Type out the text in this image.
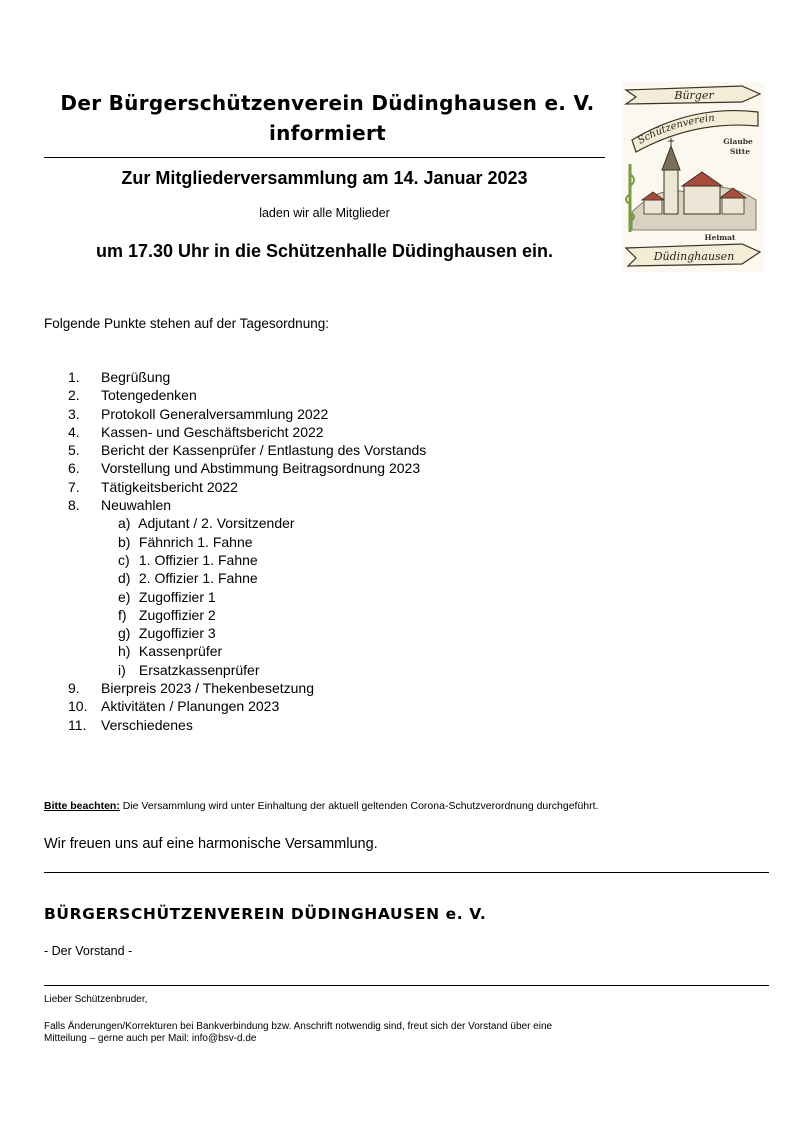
Der Bürgerschützenverein Düdinghausen e. V.
informiert
Zur Mitgliederversammlung am 14. Januar 2023
laden wir alle Mitglieder
um 17.30 Uhr in die Schützenhalle Düdinghausen ein.
Bürger
Schützenverein
Glaube
Sitte
Heimat
Düdinghausen
Folgende Punkte stehen auf der Tagesordnung:
1. Begrüßung
2. Totengedenken
3. Protokoll Generalversammlung 2022
4. Kassen- und Geschäftsbericht 2022
5. Bericht der Kassenprüfer / Entlastung des Vorstands
6. Vorstellung und Abstimmung Beitragsordnung 2023
7. Tätigkeitsbericht 2022
8. Neuwahlen
a) Adjutant / 2. Vorsitzender
b) Fähnrich 1. Fahne
c) 1. Offizier 1. Fahne
d) 2. Offizier 1. Fahne
e) Zugoffizier 1
f) Zugoffizier 2
g) Zugoffizier 3
h) Kassenprüfer
i) Ersatzkassenprüfer
9. Bierpreis 2023 / Thekenbesetzung
10. Aktivitäten / Planungen 2023
11. Verschiedenes
Bitte beachten: Die Versammlung wird unter Einhaltung der aktuell geltenden Corona-Schutzverordnung durchgeführt.
Wir freuen uns auf eine harmonische Versammlung.
BÜRGERSCHÜTZENVEREIN DÜDINGHAUSEN e. V.
- Der Vorstand -
Lieber Schützenbruder,
Falls Änderungen/Korrekturen bei Bankverbindung bzw. Anschrift notwendig sind, freut sich der Vorstand über eine
Mitteilung – gerne auch per Mail: info@bsv-d.de
